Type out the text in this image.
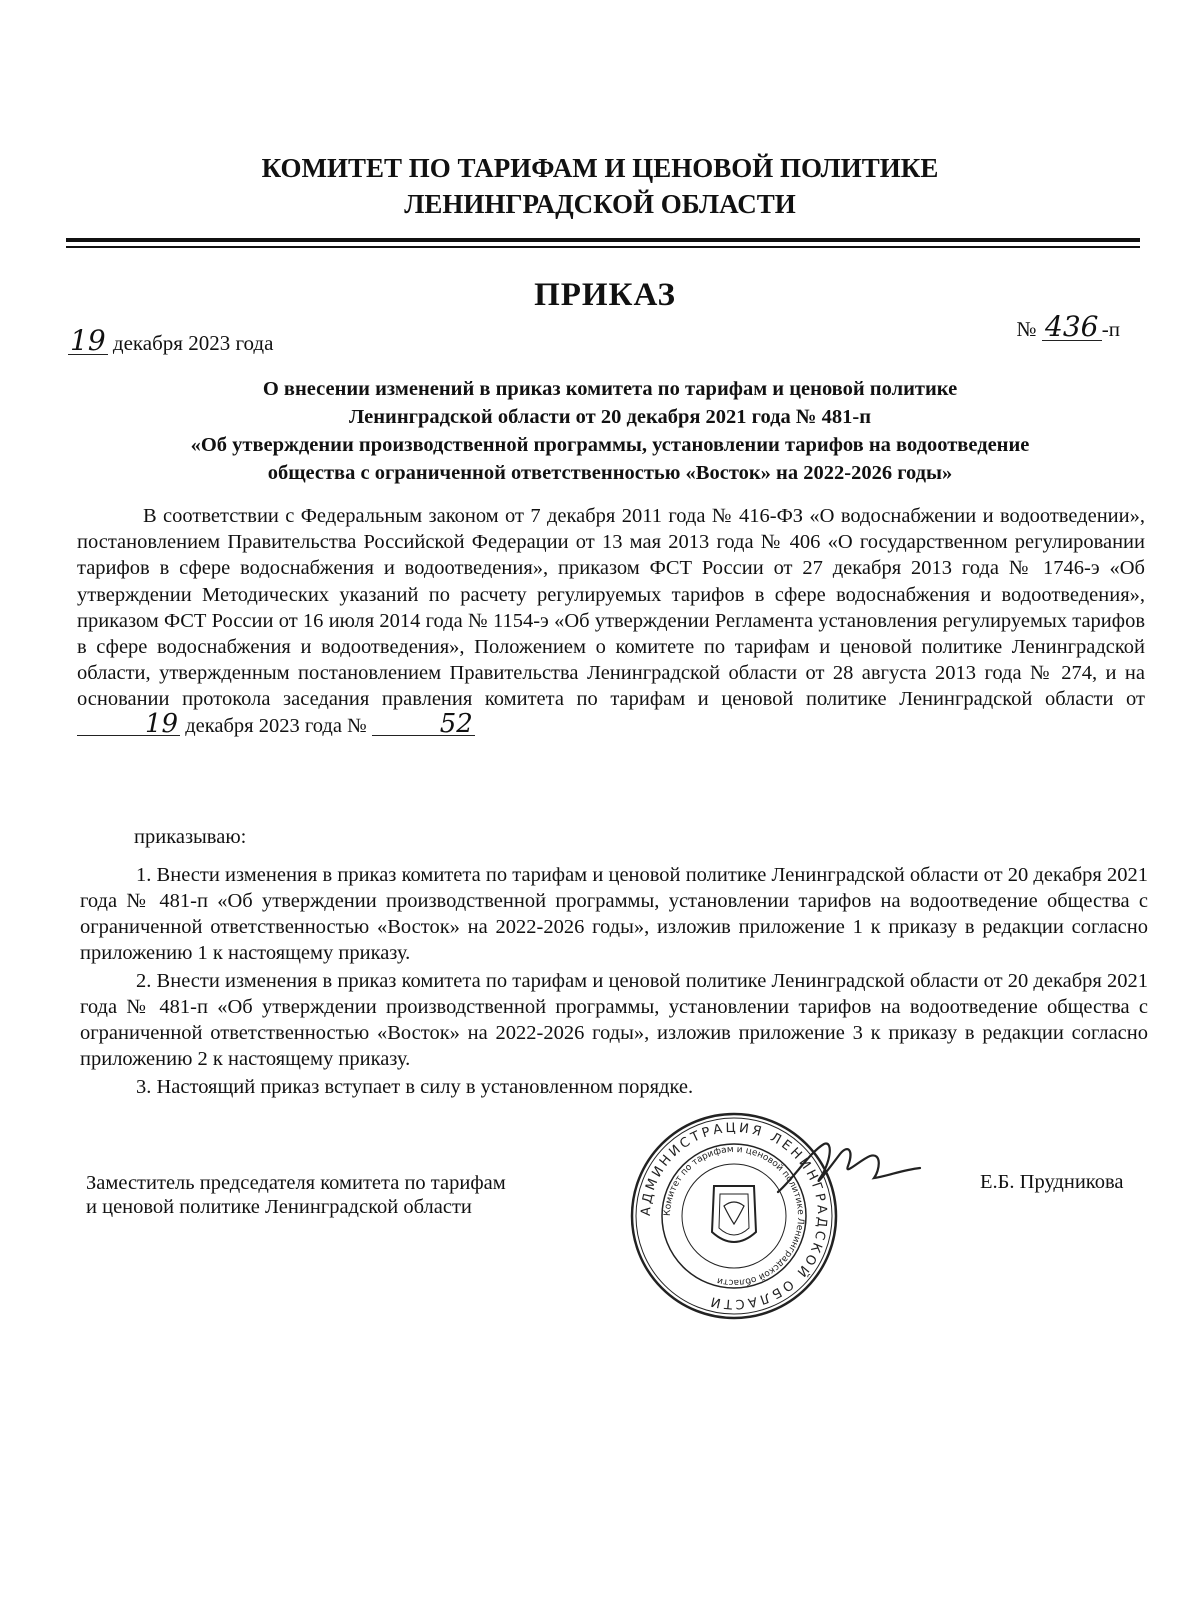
КОМИТЕТ ПО ТАРИФАМ И ЦЕНОВОЙ ПОЛИТИКЕ
ЛЕНИНГРАДСКОЙ ОБЛАСТИ
ПРИКАЗ
19 декабря 2023 года
№ 436 -п
О внесении изменений в приказ комитета по тарифам и ценовой политике
Ленинградской области от 20 декабря 2021 года № 481-п
«Об утверждении производственной программы, установлении тарифов на водоотведение
общества с ограниченной ответственностью «Восток» на 2022-2026 годы»
В соответствии с Федеральным законом от 7 декабря 2011 года № 416-ФЗ «О водоснабжении и водоотведении», постановлением Правительства Российской Федерации от 13 мая 2013 года № 406 «О государственном регулировании тарифов в сфере водоснабжения и водоотведения», приказом ФСТ России от 27 декабря 2013 года № 1746-э «Об утверждении Методических указаний по расчету регулируемых тарифов в сфере водоснабжения и водоотведения», приказом ФСТ России от 16 июля 2014 года № 1154-э «Об утверждении Регламента установления регулируемых тарифов в сфере водоснабжения и водоотведения», Положением о комитете по тарифам и ценовой политике Ленинградской области, утвержденным постановлением Правительства Ленинградской области от 28 августа 2013 года № 274, и на основании протокола заседания правления комитета по тарифам и ценовой политике Ленинградской области от 19 декабря 2023 года №	52
приказываю:

1. Внести изменения в приказ комитета по тарифам и ценовой политике Ленинградской области от 20 декабря 2021 года № 481-п «Об утверждении производственной программы, установлении тарифов на водоотведение общества с ограниченной ответственностью «Восток» на 2022-2026 годы», изложив приложение 1 к приказу в редакции согласно приложению 1 к настоящему приказу.

2. Внести изменения в приказ комитета по тарифам и ценовой политике Ленинградской области от 20 декабря 2021 года № 481-п «Об утверждении производственной программы, установлении тарифов на водоотведение общества с ограниченной ответственностью «Восток» на 2022-2026 годы», изложив приложение 3 к приказу в редакции согласно приложению 2 к настоящему приказу.

3. Настоящий приказ вступает в силу в установленном порядке.

Заместитель председателя комитета по тарифам
и ценовой политике Ленинградской области	АДМИНИСТРАЦИЯ ЛЕНИНГРАДСКОЙ ОБЛАСТИ
Комитет по тарифам и ценовой политике Ленинградской области
Е.Б. Прудникова
